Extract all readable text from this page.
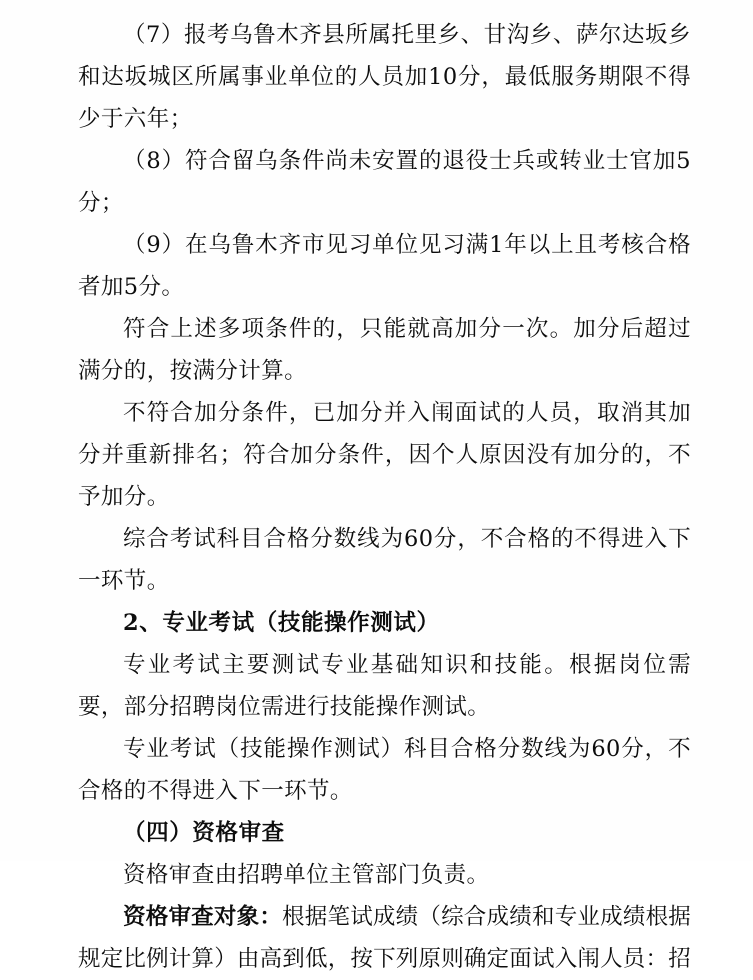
（7）报考乌鲁木齐县所属托里乡、甘沟乡、萨尔达坂乡和达坂城区所属事业单位的人员加10分，最低服务期限不得少于六年；

（8）符合留乌条件尚未安置的退役士兵或转业士官加5分；

（9）在乌鲁木齐市见习单位见习满1年以上且考核合格者加5分。

符合上述多项条件的，只能就高加分一次。加分后超过满分的，按满分计算。

不符合加分条件，已加分并入闱面试的人员，取消其加分并重新排名；符合加分条件，因个人原因没有加分的，不予加分。

综合考试科目合格分数线为60分，不合格的不得进入下一环节。

2、专业考试（技能操作测试）

专业考试主要测试专业基础知识和技能。根据岗位需要，部分招聘岗位需进行技能操作测试。

专业考试（技能操作测试）科目合格分数线为60分，不合格的不得进入下一环节。

（四）资格审查

资格审查由招聘单位主管部门负责。

资格审查对象：根据笔试成绩（综合成绩和专业成绩根据规定比例计算）由高到低，按下列原则确定面试入闱人员：招
